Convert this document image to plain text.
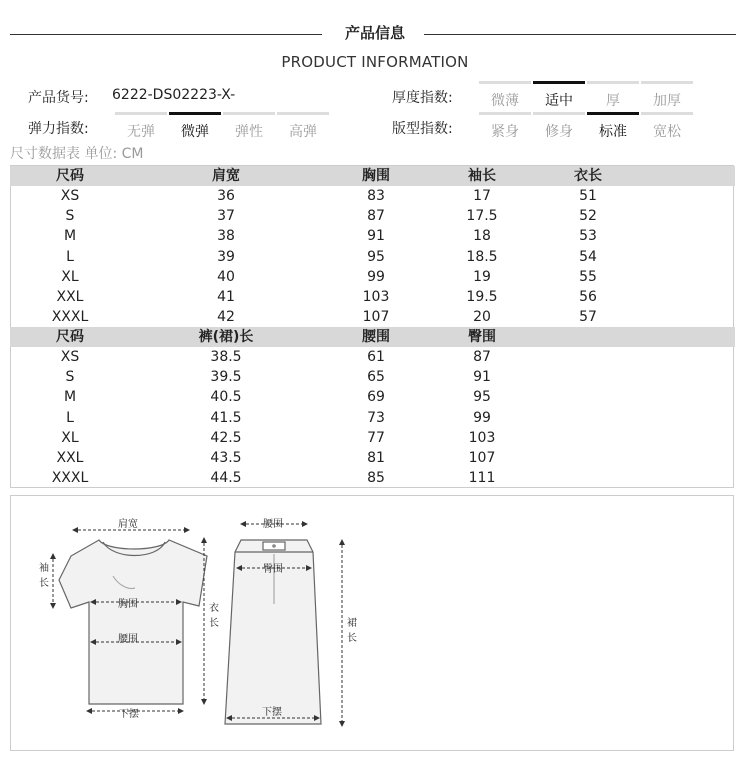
产品信息
PRODUCT INFORMATION
产品货号: 6222-DS02223-X-	厚度指数:	微薄	适中	厚	加厚
弹力指数:	无弹	微弹	弹性	高弹	版型指数:	紧身	修身	标准	宽松
尺寸数据表 单位: CM
尺码	肩宽	胸围	袖长	衣长
XS	36	83	17	51
S	37	87	17.5	52
M	38	91	18	53
L	39	95	18.5	54
XL	40	99	19	55
XXL	41	103	19.5	56
XXXL	42	107	20	57
尺码	裤(裙)长	腰围	臀围
XS	38.5	61	87
S	39.5	65	91
M	40.5	69	95
L	41.5	73	99
XL	42.5	77	103
XXL	43.5	81	107
XXXL	44.5	85	111
肩宽
袖
长
胸围
腰围
下摆
衣
长
腰围
臀围
下摆
裙
长
